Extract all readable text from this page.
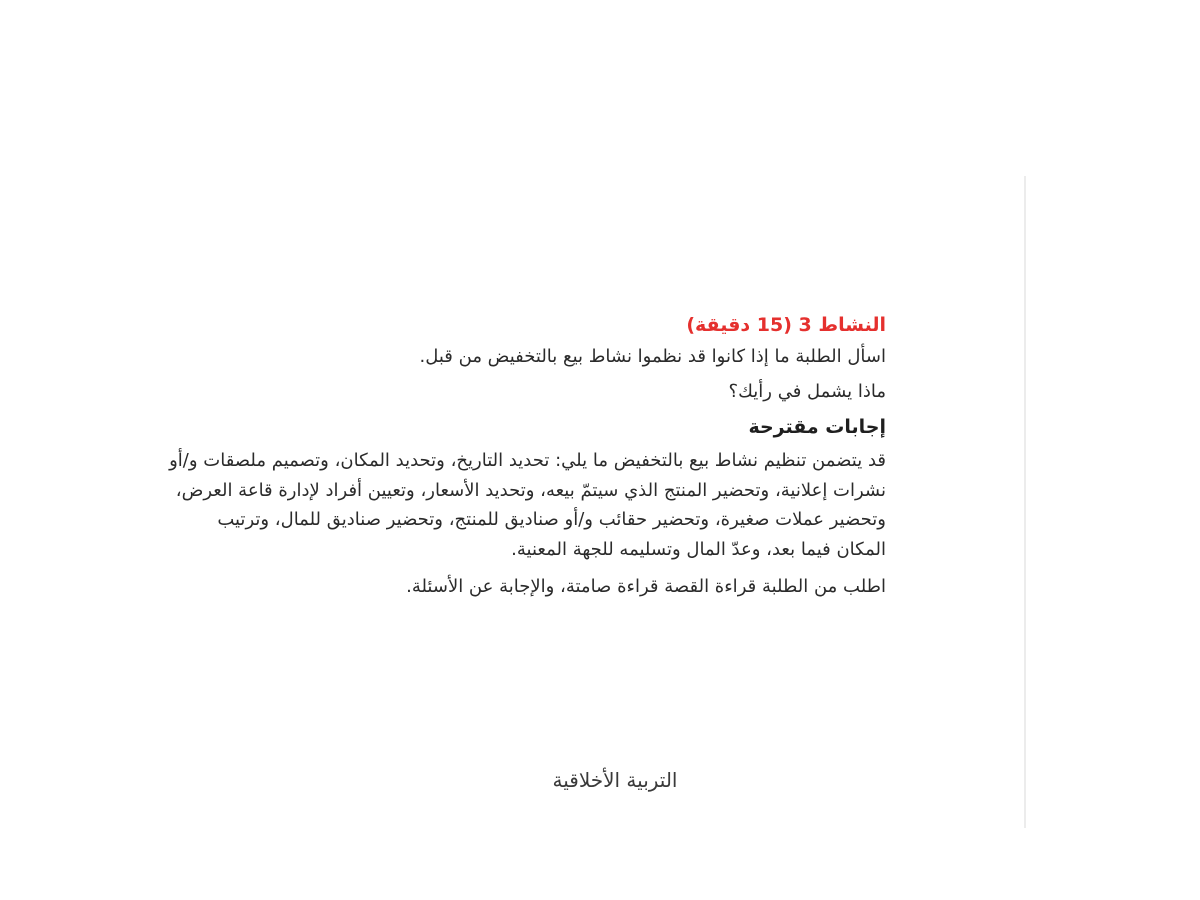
النشاط 3 (15 دقيقة)

اسأل الطلبة ما إذا كانوا قد نظموا نشاط بيع بالتخفيض من قبل.

ماذا يشمل في رأيك؟

إجابات مقترحة

قد يتضمن تنظيم نشاط بيع بالتخفيض ما يلي: تحديد التاريخ، وتحديد المكان، وتصميم ملصقات و/أو نشرات إعلانية، وتحضير المنتج الذي سيتمّ بيعه، وتحديد الأسعار، وتعيين أفراد لإدارة قاعة العرض، وتحضير عملات صغيرة، وتحضير حقائب و/أو صناديق للمنتج، وتحضير صناديق للمال، وترتيب المكان فيما بعد، وعدّ المال وتسليمه للجهة المعنية.

اطلب من الطلبة قراءة القصة قراءة صامتة، والإجابة عن الأسئلة.

التربية الأخلاقية
